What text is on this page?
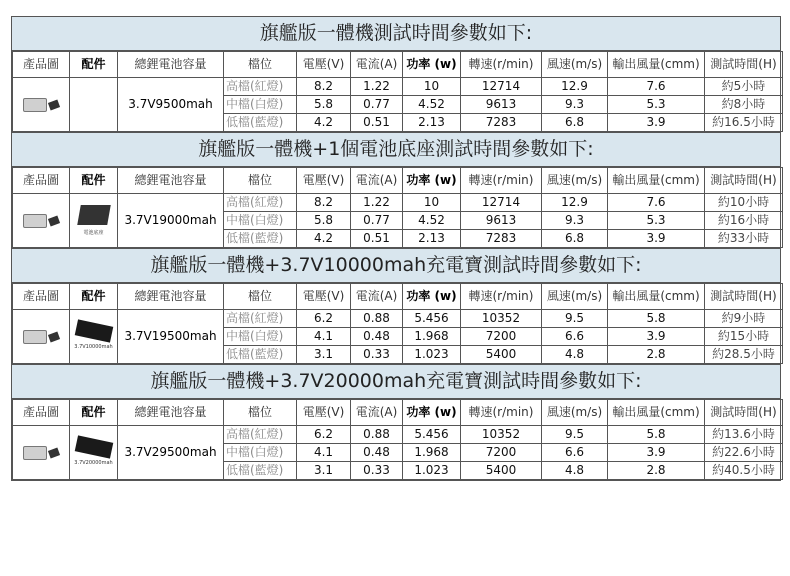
旗艦版一體機測試時間參數如下:
產品圖	配件	總鋰電池容量	檔位	電壓(V)	電流(A)	功率 (w)	轉速(r/min)	風速(m/s)	輸出風量(cmm)	測試時間(H)

		3.7V9500mah	高檔(紅燈)	8.2	1.22	10	12714	12.9	7.6	約5小時
			中檔(白燈)	5.8	0.77	4.52	9613	9.3	5.3	約8小時
			低檔(藍燈)	4.2	0.51	2.13	7283	6.8	3.9	約16.5小時
旗艦版一體機+1個電池底座測試時間參數如下:
產品圖	配件	總鋰電池容量	檔位	電壓(V)	電流(A)	功率 (w)	轉速(r/min)	風速(m/s)	輸出風量(cmm)	測試時間(H)

	電池底座	3.7V19000mah	高檔(紅燈)	8.2	1.22	10	12714	12.9	7.6	約10小時
			中檔(白燈)	5.8	0.77	4.52	9613	9.3	5.3	約16小時
			低檔(藍燈)	4.2	0.51	2.13	7283	6.8	3.9	約33小時
旗艦版一體機+3.7V10000mah充電寶測試時間參數如下:
產品圖	配件	總鋰電池容量	檔位	電壓(V)	電流(A)	功率 (w)	轉速(r/min)	風速(m/s)	輸出風量(cmm)	測試時間(H)

	3.7V10000mah	3.7V19500mah	高檔(紅燈)	6.2	0.88	5.456	10352	9.5	5.8	約9小時
			中檔(白燈)	4.1	0.48	1.968	7200	6.6	3.9	約15小時
			低檔(藍燈)	3.1	0.33	1.023	5400	4.8	2.8	約28.5小時
旗艦版一體機+3.7V20000mah充電寶測試時間參數如下:
產品圖	配件	總鋰電池容量	檔位	電壓(V)	電流(A)	功率 (w)	轉速(r/min)	風速(m/s)	輸出風量(cmm)	測試時間(H)

	3.7V20000mah	3.7V29500mah	高檔(紅燈)	6.2	0.88	5.456	10352	9.5	5.8	約13.6小時
			中檔(白燈)	4.1	0.48	1.968	7200	6.6	3.9	約22.6小時
			低檔(藍燈)	3.1	0.33	1.023	5400	4.8	2.8	約40.5小時
